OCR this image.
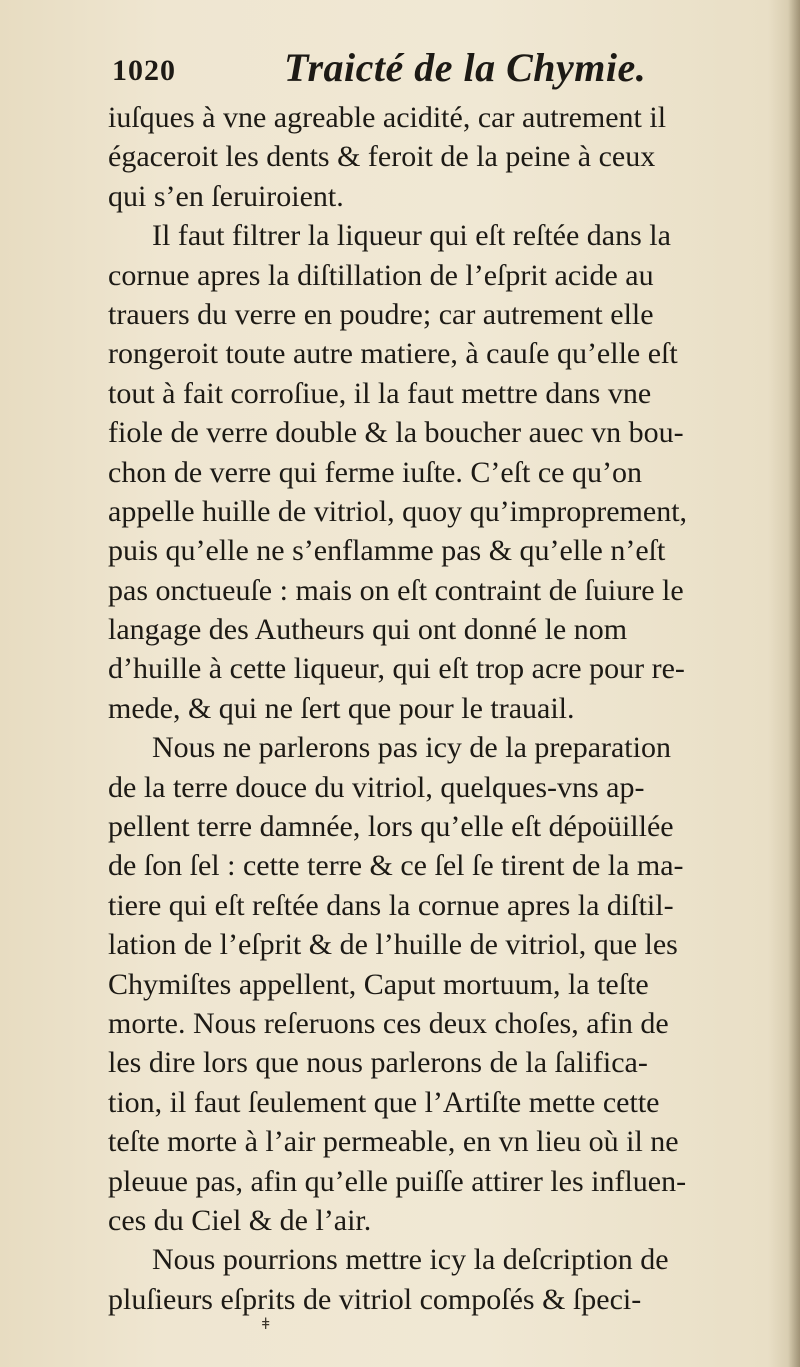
1020	Traicté de la Chymie.
iuſques à vne agreable acidité, car autrement il
égaceroit les dents & feroit de la peine à ceux
qui s’en ſeruiroient.
Il faut filtrer la liqueur qui eſt reſtée dans la
cornue apres la diſtillation de l’eſprit acide au
trauers du verre en poudre; car autrement elle
rongeroit toute autre matiere, à cauſe qu’elle eſt
tout à fait corroſiue, il la faut mettre dans vne
fiole de verre double & la boucher auec vn bou-
chon de verre qui ferme iuſte. C’eſt ce qu’on
appelle huille de vitriol, quoy qu’improprement,
puis qu’elle ne s’enflamme pas & qu’elle n’eſt
pas onctueuſe : mais on eſt contraint de ſuiure le
langage des Autheurs qui ont donné le nom
d’huille à cette liqueur, qui eſt trop acre pour re-
mede, & qui ne ſert que pour le trauail.
Nous ne parlerons pas icy de la preparation
de la terre douce du vitriol, quelques-vns ap-
pellent terre damnée, lors qu’elle eſt dépoüillée
de ſon ſel : cette terre & ce ſel ſe tirent de la ma-
tiere qui eſt reſtée dans la cornue apres la diſtil-
lation de l’eſprit & de l’huille de vitriol, que les
Chymiſtes appellent, Caput mortuum, la teſte
morte. Nous reſeruons ces deux choſes, afin de
les dire lors que nous parlerons de la ſalifica-
tion, il faut ſeulement que l’Artiſte mette cette
teſte morte à l’air permeable, en vn lieu où il ne
pleuue pas, afin qu’elle puiſſe attirer les influen-
ces du Ciel & de l’air.
Nous pourrions mettre icy la deſcription de
pluſieurs eſprits de vitriol compoſés & ſpeci-
ǂ
